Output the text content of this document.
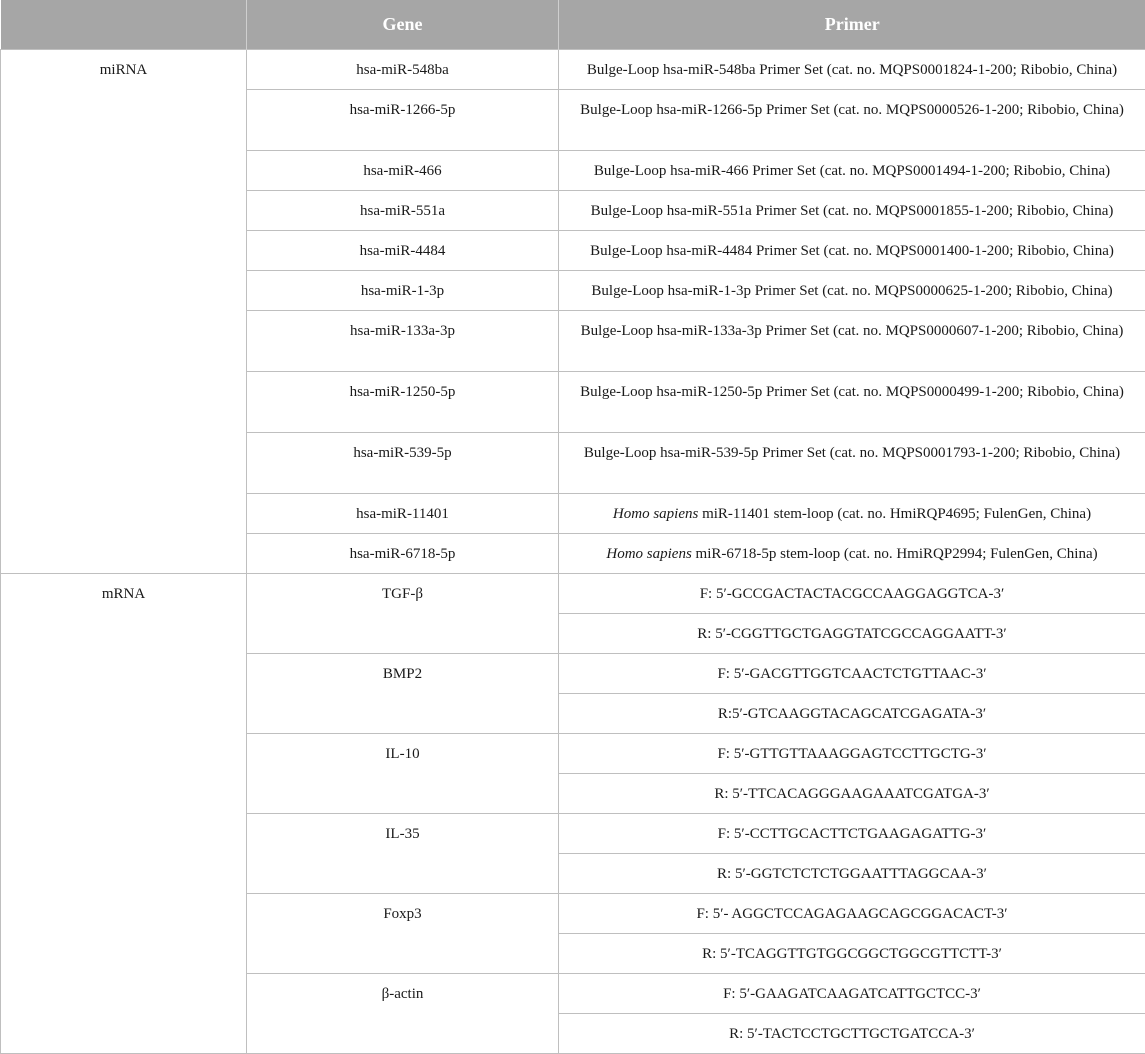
	Gene	Primer
miRNA	hsa-miR-548ba	Bulge-Loop hsa-miR-548ba Primer Set (cat. no. MQPS0001824-1-200; Ribobio, China)
	hsa-miR-1266-5p	Bulge-Loop hsa-miR-1266-5p Primer Set (cat. no. MQPS0000526-1-200; Ribobio, China)
	hsa-miR-466	Bulge-Loop hsa-miR-466 Primer Set (cat. no. MQPS0001494-1-200; Ribobio, China)
	hsa-miR-551a	Bulge-Loop hsa-miR-551a Primer Set (cat. no. MQPS0001855-1-200; Ribobio, China)
	hsa-miR-4484	Bulge-Loop hsa-miR-4484 Primer Set (cat. no. MQPS0001400-1-200; Ribobio, China)
	hsa-miR-1-3p	Bulge-Loop hsa-miR-1-3p Primer Set (cat. no. MQPS0000625-1-200; Ribobio, China)
	hsa-miR-133a-3p	Bulge-Loop hsa-miR-133a-3p Primer Set (cat. no. MQPS0000607-1-200; Ribobio, China)
	hsa-miR-1250-5p	Bulge-Loop hsa-miR-1250-5p Primer Set (cat. no. MQPS0000499-1-200; Ribobio, China)
	hsa-miR-539-5p	Bulge-Loop hsa-miR-539-5p Primer Set (cat. no. MQPS0001793-1-200; Ribobio, China)
	hsa-miR-11401	Homo sapiens miR-11401 stem-loop (cat. no. HmiRQP4695; FulenGen, China)
	hsa-miR-6718-5p	Homo sapiens miR-6718-5p stem-loop (cat. no. HmiRQP2994; FulenGen, China)
mRNA	TGF-β	F: 5′-GCCGACTACTACGCCAAGGAGGTCA-3′
		R: 5′-CGGTTGCTGAGGTATCGCCAGGAATT-3′
	BMP2	F: 5′-GACGTTGGTCAACTCTGTTAAC-3′
		R:5′-GTCAAGGTACAGCATCGAGATA-3′
	IL-10	F: 5′-GTTGTTAAAGGAGTCCTTGCTG-3′
		R: 5′-TTCACAGGGAAGAAATCGATGA-3′
	IL-35	F: 5′-CCTTGCACTTCTGAAGAGATTG-3′
		R: 5′-GGTCTCTCTGGAATTTAGGCAA-3′
	Foxp3	F: 5′- AGGCTCCAGAGAAGCAGCGGACACT-3′
		R: 5′-TCAGGTTGTGGCGGCTGGCGTTCTT-3′
	β-actin	F: 5′-GAAGATCAAGATCATTGCTCC-3′
		R: 5′-TACTCCTGCTTGCTGATCCA-3′
